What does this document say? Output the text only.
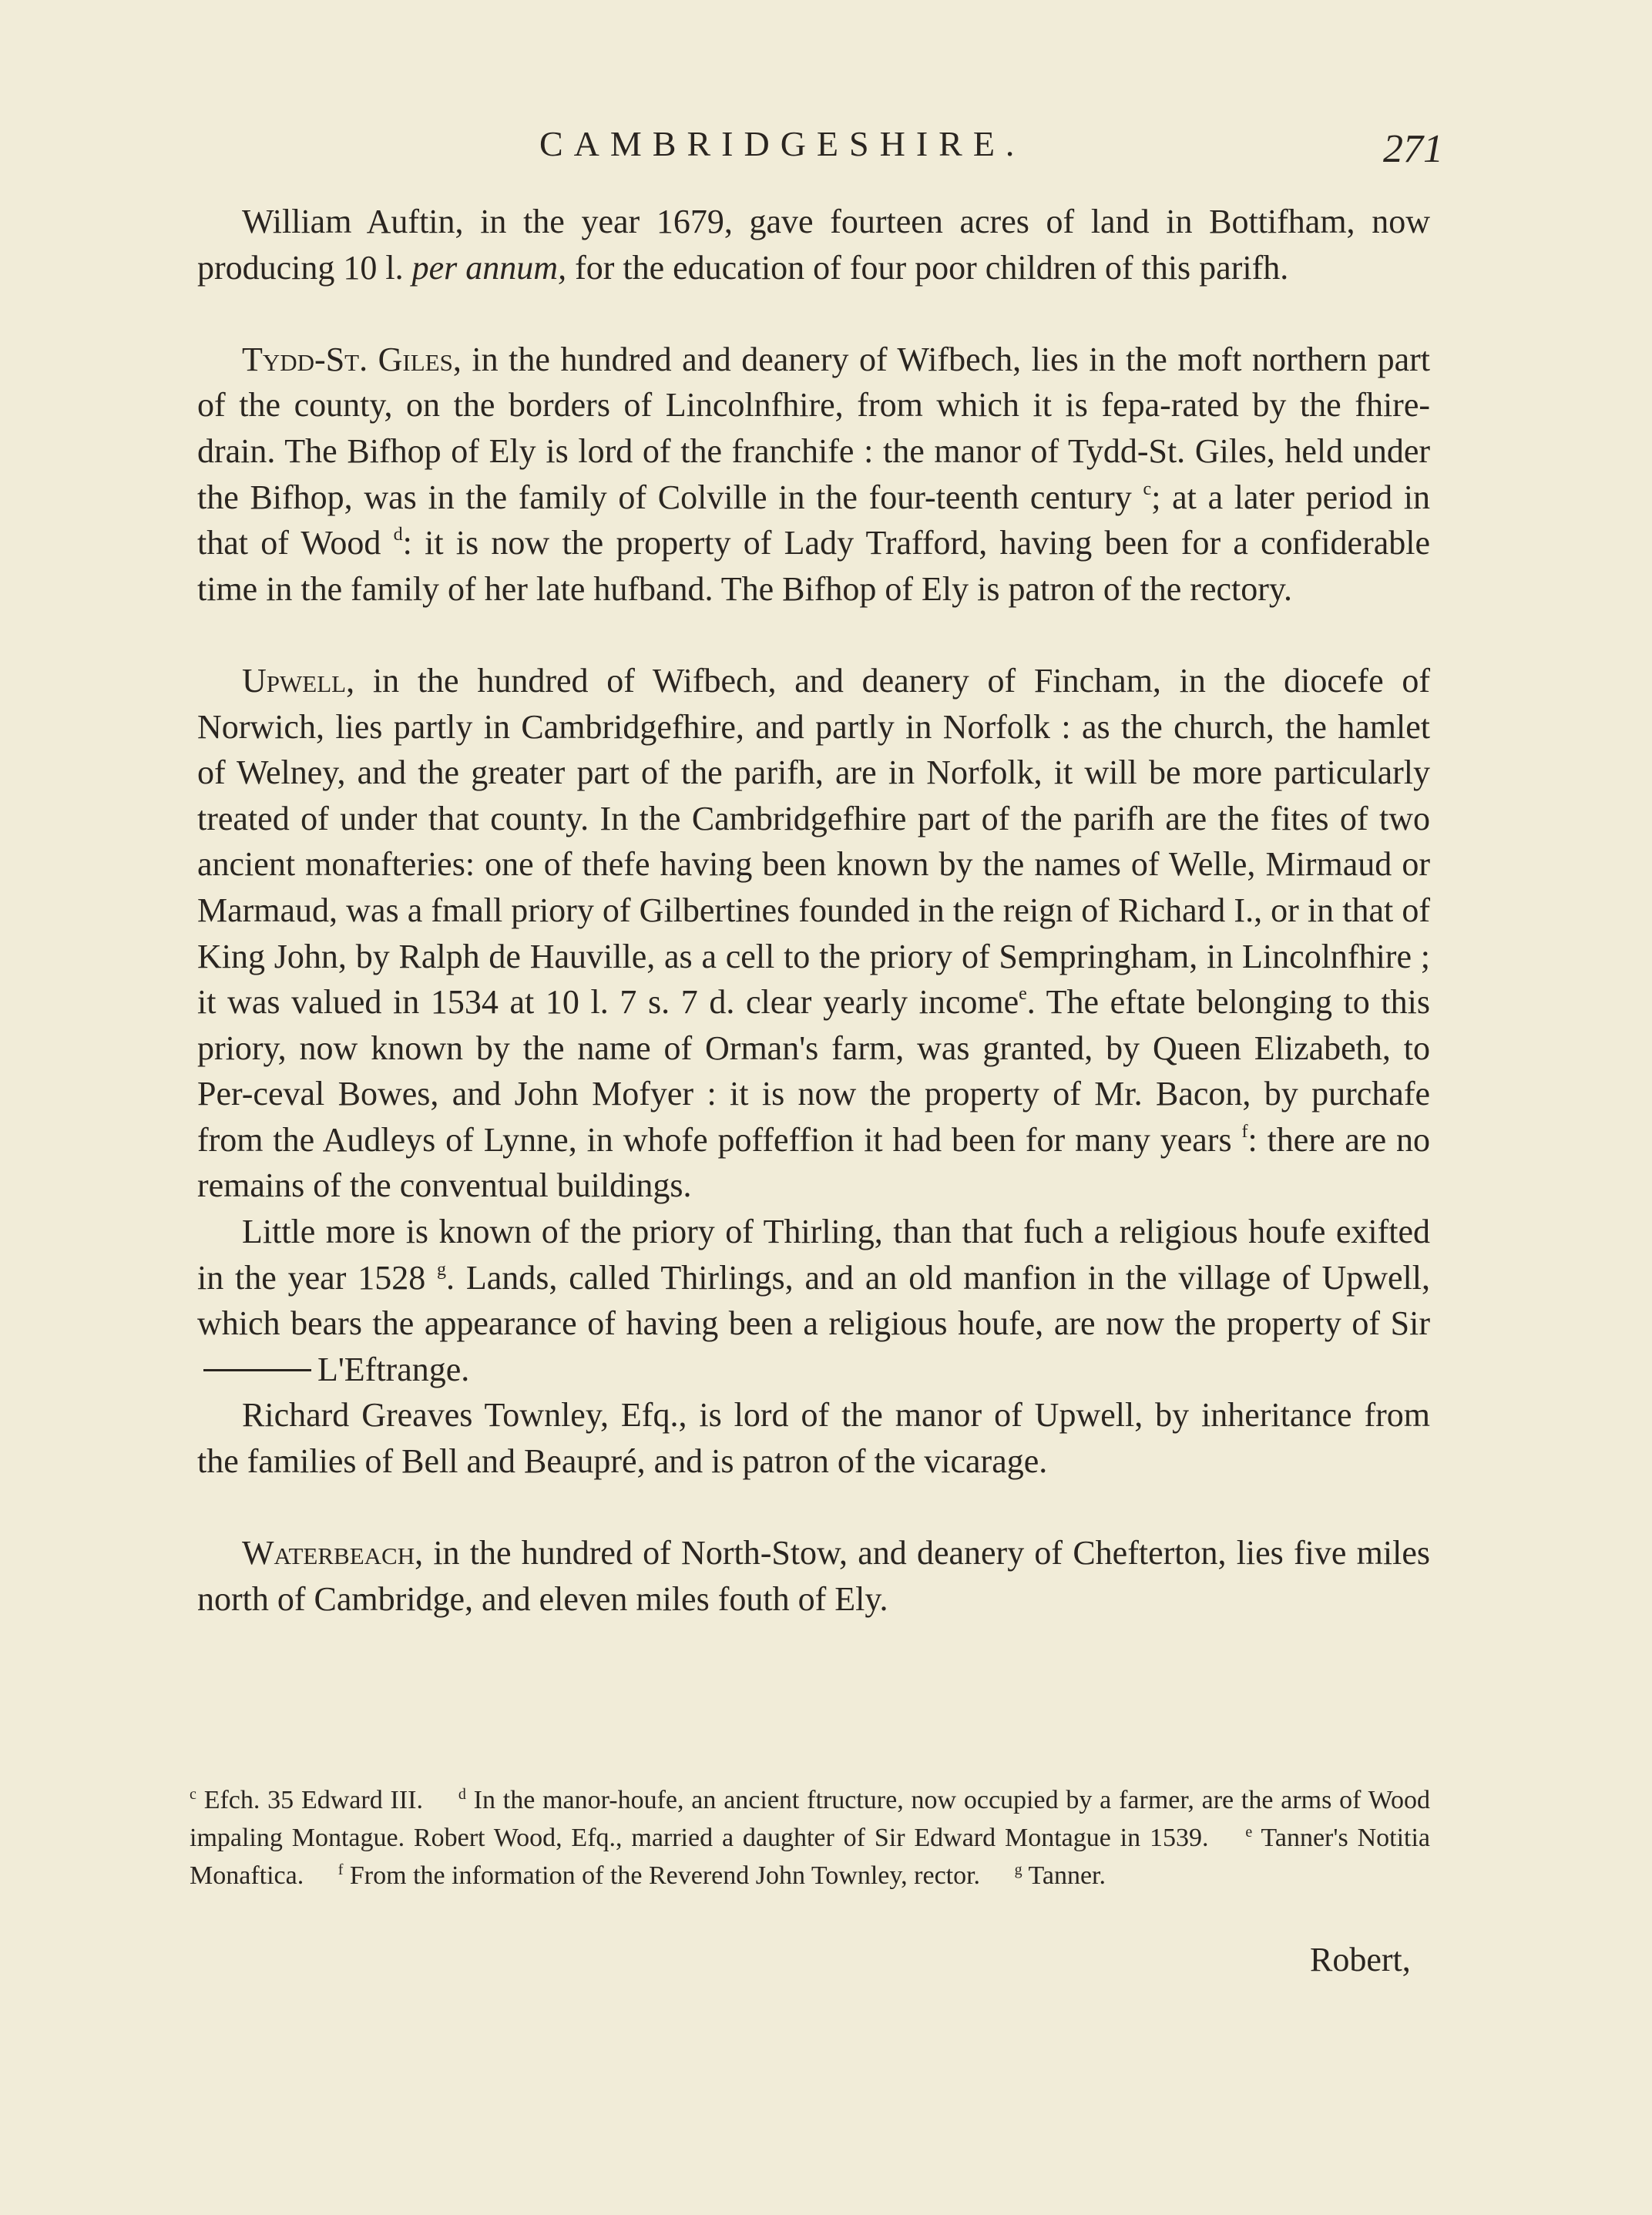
CAMBRIDGESHIRE.	271

William Auftin, in the year 1679, gave fourteen acres of land in Bottifham, now producing 10 l. per annum, for the education of four poor children of this parifh.

Tydd-St. Giles, in the hundred and deanery of Wifbech, lies in the moft northern part of the county, on the borders of Lincolnfhire, from which it is fepa-rated by the fhire-drain. The Bifhop of Ely is lord of the franchife : the manor of Tydd-St. Giles, held under the Bifhop, was in the family of Colville in the four-teenth century $^c$; at a later period in that of Wood $^d$: it is now the property of Lady Trafford, having been for a confiderable time in the family of her late hufband. The Bifhop of Ely is patron of the rectory.

Upwell, in the hundred of Wifbech, and deanery of Fincham, in the diocefe of Norwich, lies partly in Cambridgefhire, and partly in Norfolk : as the church, the hamlet of Welney, and the greater part of the parifh, are in Norfolk, it will be more particularly treated of under that county. In the Cambridgefhire part of the parifh are the fites of two ancient monafteries: one of thefe having been known by the names of Welle, Mirmaud or Marmaud, was a fmall priory of Gilbertines founded in the reign of Richard I., or in that of King John, by Ralph de Hauville, as a cell to the priory of Sempringham, in Lincolnfhire ; it was valued in 1534 at 10 l. 7 s. 7 d. clear yearly income$^e$. The eftate belonging to this priory, now known by the name of Orman's farm, was granted, by Queen Elizabeth, to Per-ceval Bowes, and John Mofyer : it is now the property of Mr. Bacon, by purchafe from the Audleys of Lynne, in whofe poffeffion it had been for many years $^f$: there are no remains of the conventual buildings.

Little more is known of the priory of Thirling, than that fuch a religious houfe exifted in the year 1528 $^g$. Lands, called Thirlings, and an old manfion in the village of Upwell, which bears the appearance of having been a religious houfe, are now the property of SirL'Eftrange.

Richard Greaves Townley, Efq., is lord of the manor of Upwell, by inheritance from the families of Bell and Beaupré, and is patron of the vicarage.

Waterbeach, in the hundred of North-Stow, and deanery of Chefterton, lies five miles north of Cambridge, and eleven miles fouth of Ely.

$^c$ Efch. 35 Edward III. $^d$ In the manor-houfe, an ancient ftructure, now occupied by a farmer, are the arms of Wood impaling Montague. Robert Wood, Efq., married a daughter of Sir Edward Montague in 1539. $^e$ Tanner's Notitia Monaftica. $^f$ From the information of the Reverend John Townley, rector. $^g$ Tanner.
Robert,
